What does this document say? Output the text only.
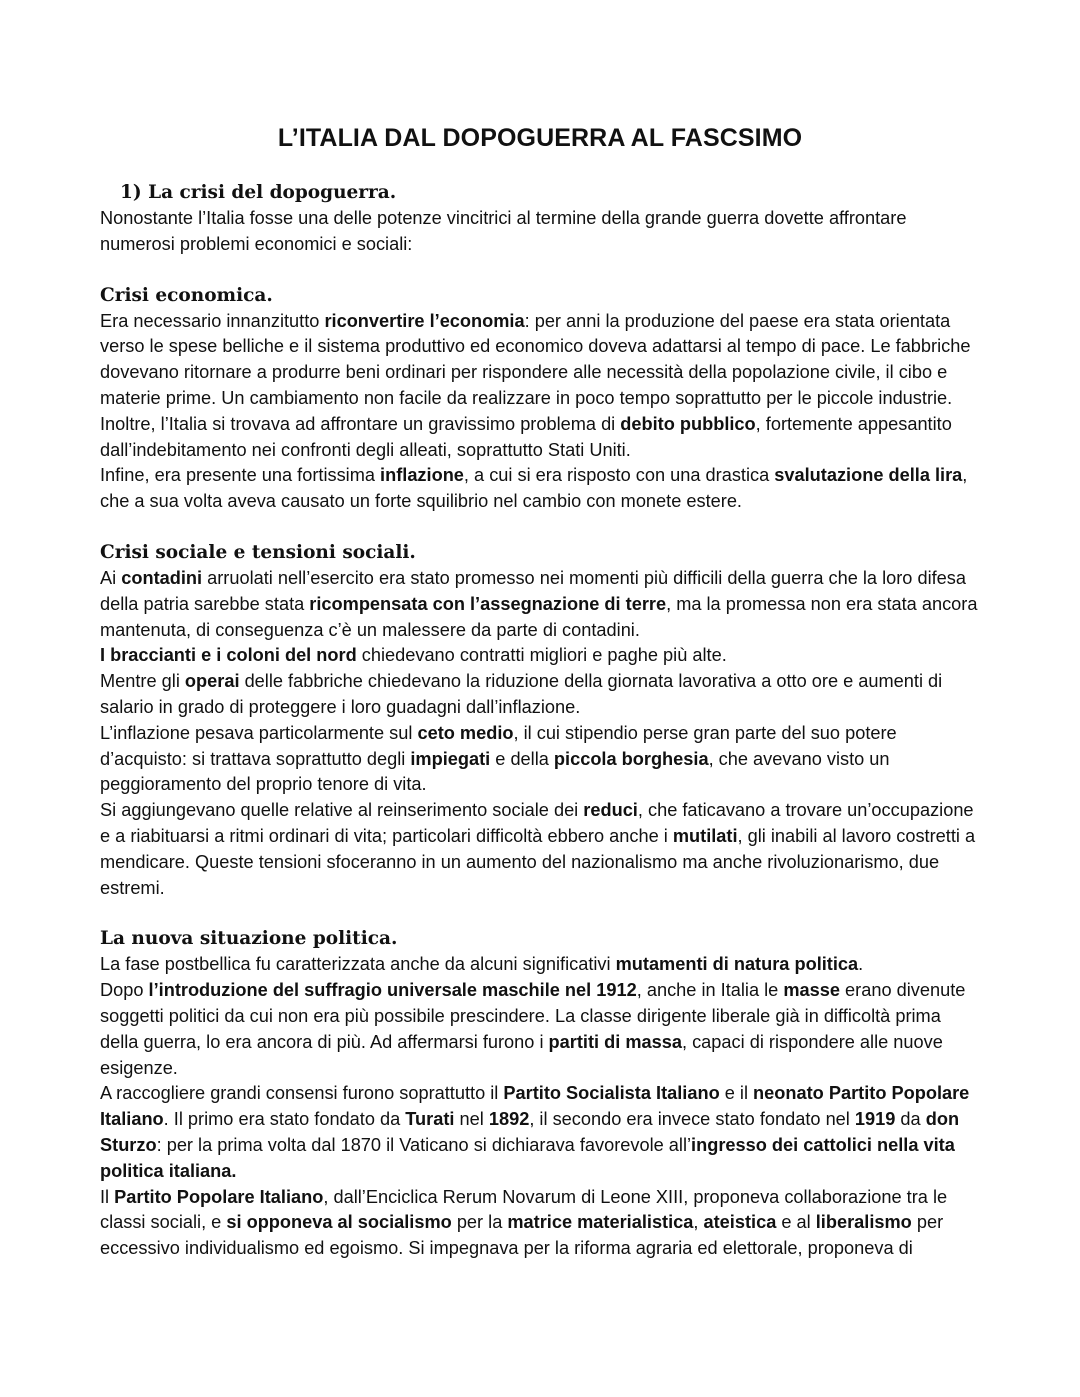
L’ITALIA DAL DOPOGUERRA AL FASCSIMO
1) La crisi del dopoguerra.

Nonostante l’Italia fosse una delle potenze vincitrici al termine della grande guerra dovette affrontare numerosi problemi economici e sociali:

Crisi economica.

Era necessario innanzitutto riconvertire l’economia: per anni la produzione del paese era stata orientata verso le spese belliche e il sistema produttivo ed economico doveva adattarsi al tempo di pace. Le fabbriche dovevano ritornare a produrre beni ordinari per rispondere alle necessità della popolazione civile, il cibo e materie prime. Un cambiamento non facile da realizzare in poco tempo soprattutto per le piccole industrie.

Inoltre, l’Italia si trovava ad affrontare un gravissimo problema di debito pubblico, fortemente appesantito dall’indebitamento nei confronti degli alleati, soprattutto Stati Uniti.

Infine, era presente una fortissima inflazione, a cui si era risposto con una drastica svalutazione della lira, che a sua volta aveva causato un forte squilibrio nel cambio con monete estere.

Crisi sociale e tensioni sociali.

Ai contadini arruolati nell’esercito era stato promesso nei momenti più difficili della guerra che la loro difesa della patria sarebbe stata ricompensata con l’assegnazione di terre, ma la promessa non era stata ancora mantenuta, di conseguenza c’è un malessere da parte di contadini.

I braccianti e i coloni del nord chiedevano contratti migliori e paghe più alte.

Mentre gli operai delle fabbriche chiedevano la riduzione della giornata lavorativa a otto ore e aumenti di salario in grado di proteggere i loro guadagni dall’inflazione.

L’inflazione pesava particolarmente sul ceto medio, il cui stipendio perse gran parte del suo potere d’acquisto: si trattava soprattutto degli impiegati e della piccola borghesia, che avevano visto un peggioramento del proprio tenore di vita.

Si aggiungevano quelle relative al reinserimento sociale dei reduci, che faticavano a trovare un’occupazione e a riabituarsi a ritmi ordinari di vita; particolari difficoltà ebbero anche i mutilati, gli inabili al lavoro costretti a mendicare. Queste tensioni sfoceranno in un aumento del nazionalismo ma anche rivoluzionarismo, due estremi.

La nuova situazione politica.

La fase postbellica fu caratterizzata anche da alcuni significativi mutamenti di natura politica.

Dopo l’introduzione del suffragio universale maschile nel 1912, anche in Italia le masse erano divenute soggetti politici da cui non era più possibile prescindere. La classe dirigente liberale già in difficoltà prima della guerra, lo era ancora di più. Ad affermarsi furono i partiti di massa, capaci di rispondere alle nuove esigenze.

A raccogliere grandi consensi furono soprattutto il Partito Socialista Italiano e il neonato Partito Popolare Italiano. Il primo era stato fondato da Turati nel 1892, il secondo era invece stato fondato nel 1919 da don Sturzo: per la prima volta dal 1870 il Vaticano si dichiarava favorevole all’ingresso dei cattolici nella vita politica italiana.

Il Partito Popolare Italiano, dall’Enciclica Rerum Novarum di Leone XIII, proponeva collaborazione tra le classi sociali, e si opponeva al socialismo per la matrice materialistica, ateistica e al liberalismo per eccessivo individualismo ed egoismo. Si impegnava per la riforma agraria ed elettorale, proponeva di
